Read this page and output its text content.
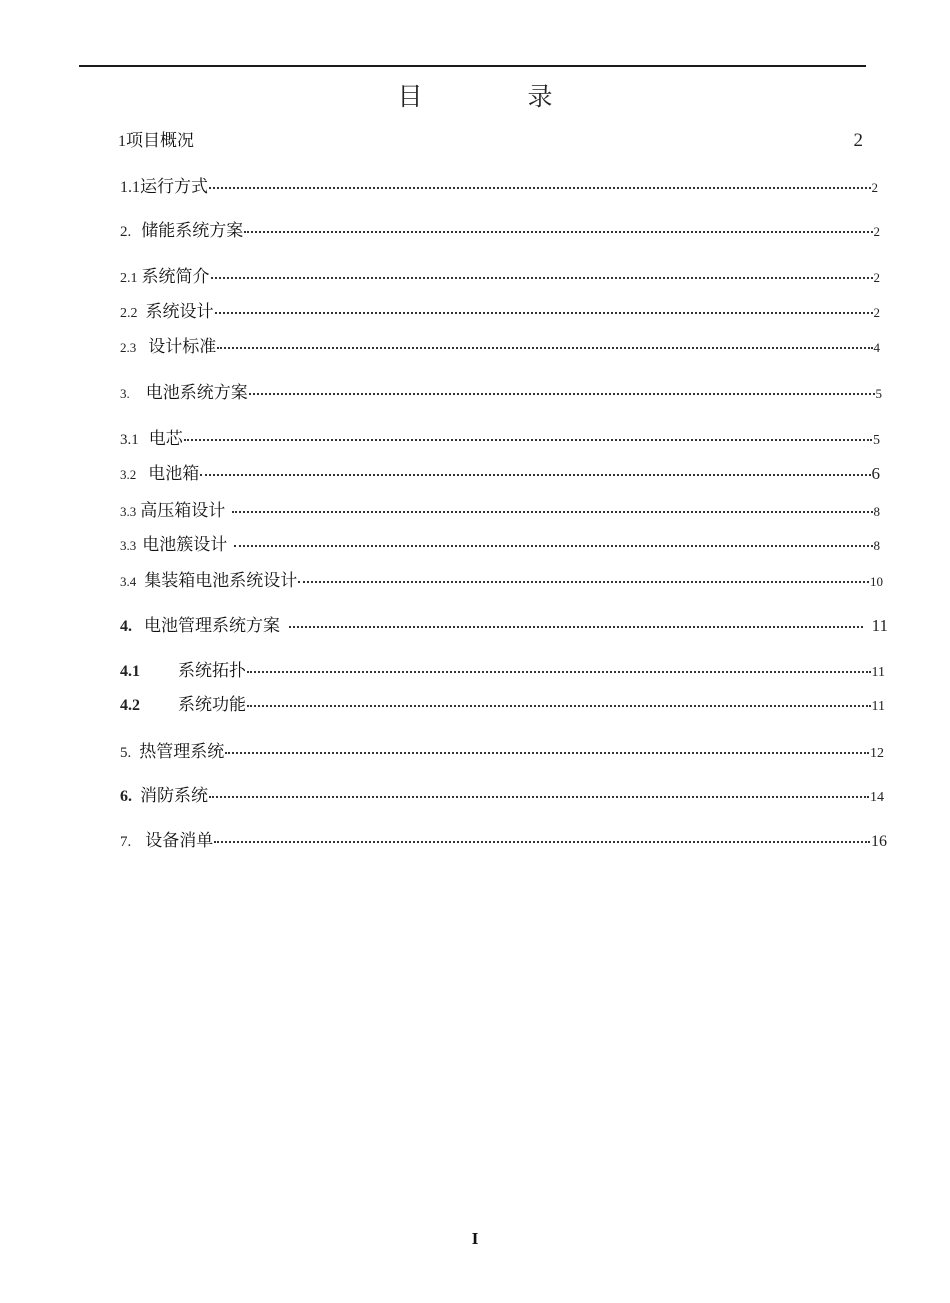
目　录
1 项目概况	2
1.1 运行方式	2
2. 储能系统方案	2
2.1 系统简介	2
2.2 系统设计	2
2.3 设计标准	4
3. 电池系统方案	5
3.1 电芯	5
3.2 电池箱	6
3.3 高压箱设计	8
3.3 电池簇设计	8
3.4 集装箱电池系统设计	10
4. 电池管理系统方案	11
4.1 系统拓扑	11
4.2 系统功能	11
5. 热管理系统	12
6. 消防系统	14
7. 设备消单	16
I
